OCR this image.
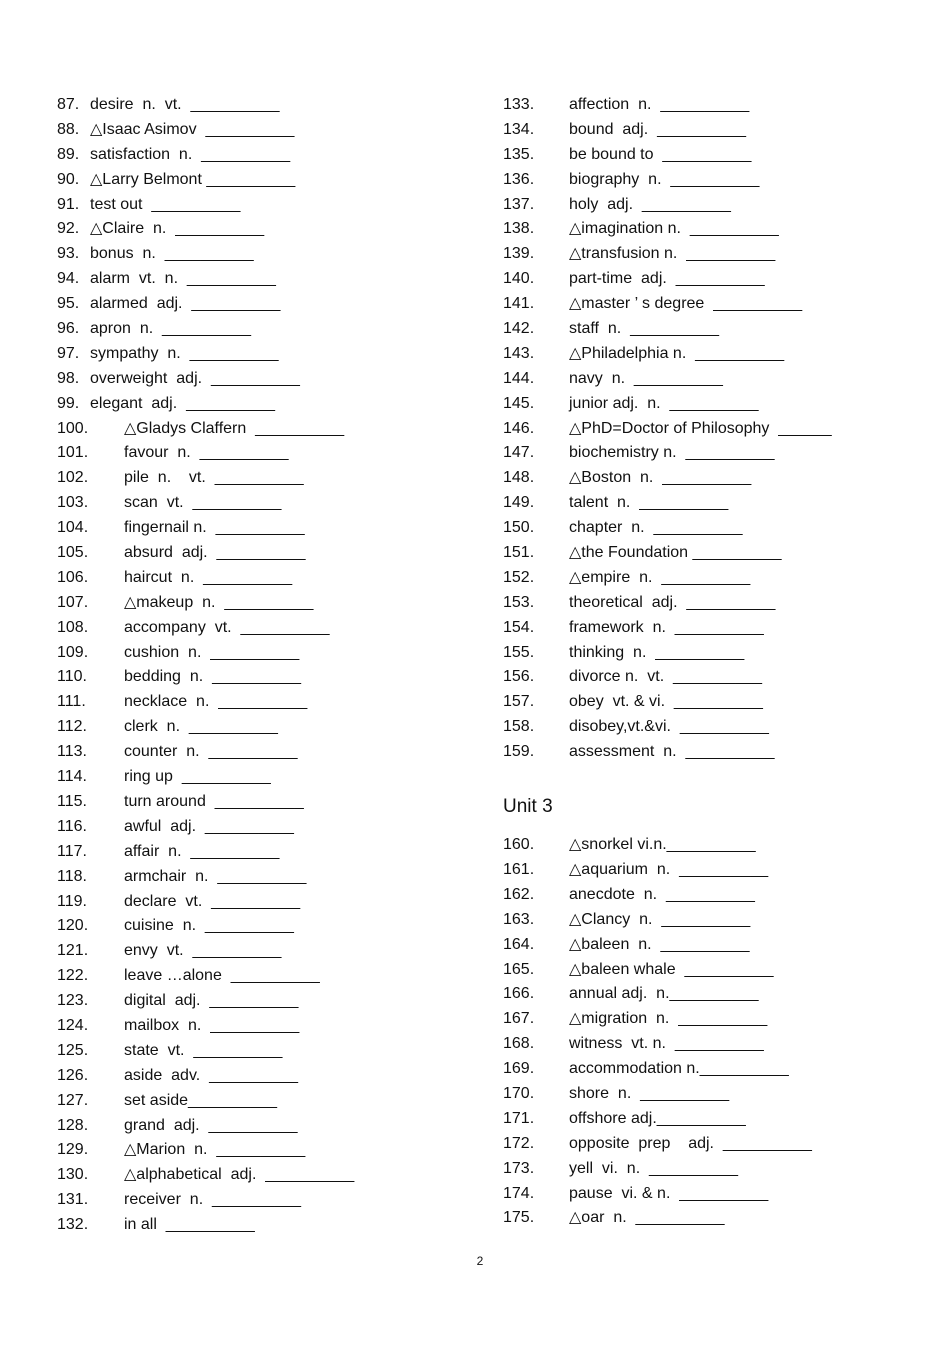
87. desire  n.  vt.  __________
88. △Isaac Asimov  __________
89. satisfaction  n.  __________
90. △Larry Belmont __________
91. test out  __________
92. △Claire  n.  __________
93. bonus  n.  __________
94. alarm  vt.  n.  __________
95. alarmed  adj.  __________
96. apron  n.  __________
97. sympathy  n.  __________
98. overweight  adj.  __________
99. elegant  adj.  __________
100. △Gladys Claffern  __________
101. favour  n.  __________
102. pile  n.    vt.  __________
103. scan  vt.  __________
104. fingernail n.  __________
105. absurd  adj.  __________
106. haircut  n.  __________
107. △makeup  n.  __________
108. accompany  vt.  __________
109. cushion  n.  __________
110. bedding  n.  __________
111. necklace  n.  __________
112. clerk  n.  __________
113. counter  n.  __________
114. ring up  __________
115. turn around  __________
116. awful  adj.  __________
117. affair  n.  __________
118. armchair  n.  __________
119. declare  vt.  __________
120. cuisine  n.  __________
121. envy  vt.  __________
122. leave …alone  __________
123. digital  adj.  __________
124. mailbox  n.  __________
125. state  vt.  __________
126. aside  adv.  __________
127. set aside__________
128. grand  adj.  __________
129. △Marion  n.  __________
130. △alphabetical  adj.  __________
131. receiver  n.  __________
132. in all  __________
133. affection  n.  __________
134. bound  adj.  __________
135. be bound to  __________
136. biography  n.  __________
137. holy  adj.  __________
138. △imagination n.  __________
139. △transfusion n.  __________
140. part-time  adj.  __________
141. △master ’ s degree  __________
142. staff  n.  __________
143. △Philadelphia n.  __________
144. navy  n.  __________
145. junior adj.  n.  __________
146. △PhD=Doctor of Philosophy  ______
147. biochemistry n.  __________
148. △Boston  n.  __________
149. talent  n.  __________
150. chapter  n.  __________
151. △the Foundation __________
152. △empire  n.  __________
153. theoretical  adj.  __________
154. framework  n.  __________
155. thinking  n.  __________
156. divorce n.  vt.  __________
157. obey  vt. & vi.  __________
158. disobey,vt.&vi.  __________
159. assessment  n.  __________
Unit 3
160. △snorkel vi.n.__________
161. △aquarium  n.  __________
162. anecdote  n.  __________
163. △Clancy  n.  __________
164. △baleen  n.  __________
165. △baleen whale  __________
166. annual adj.  n.__________
167. △migration  n.  __________
168. witness  vt. n.  __________
169. accommodation n.__________
170. shore  n.  __________
171. offshore adj.__________
172. opposite  prep    adj.  __________
173. yell  vi.  n.  __________
174. pause  vi. & n.  __________
175. △oar  n.  __________
2
